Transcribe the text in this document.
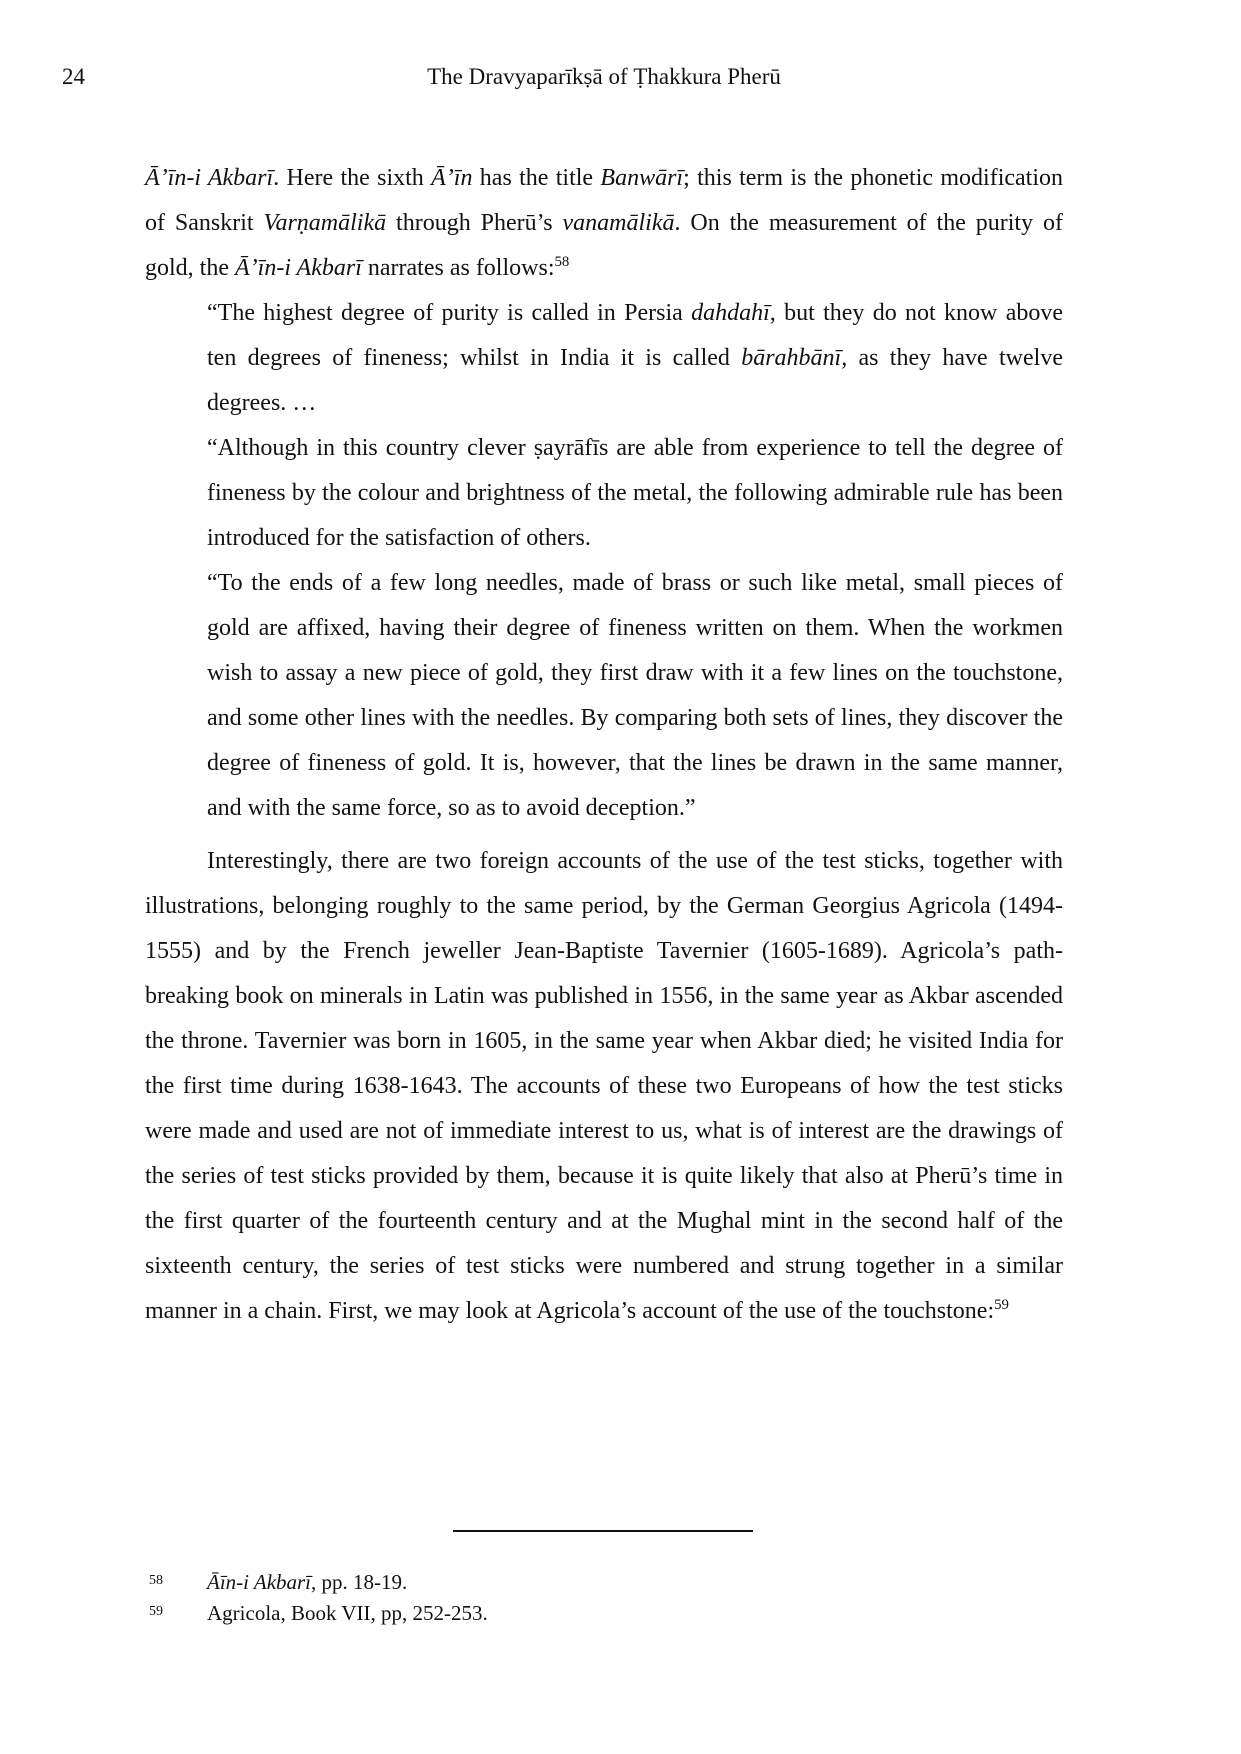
24	The Dravyaparīkṣā of Ṭhakkura Pherū

Ā’īn-i Akbarī. Here the sixth Ā’īn has the title Banwārī; this term is the phonetic modification of Sanskrit Varṇamālikā through Pherū’s vanamālikā. On the measurement of the purity of gold, the Ā’īn-i Akbarī narrates as follows:$^{58}$

“The highest degree of purity is called in Persia dahdahī, but they do not know above ten degrees of fineness; whilst in India it is called bārahbānī, as they have twelve degrees. …

“Although in this country clever ṣayrāfīs are able from experience to tell the degree of fineness by the colour and brightness of the metal, the following admirable rule has been introduced for the satisfaction of others.

“To the ends of a few long needles, made of brass or such like metal, small pieces of gold are affixed, having their degree of fineness written on them. When the workmen wish to assay a new piece of gold, they first draw with it a few lines on the touchstone, and some other lines with the needles. By comparing both sets of lines, they discover the degree of fineness of gold. It is, however, that the lines be drawn in the same manner, and with the same force, so as to avoid deception.”

Interestingly, there are two foreign accounts of the use of the test sticks, together with illustrations, belonging roughly to the same period, by the German Georgius Agricola (1494-1555) and by the French jeweller Jean-Baptiste Tavernier (1605-1689). Agricola’s path-breaking book on minerals in Latin was published in 1556, in the same year as Akbar ascended the throne. Tavernier was born in 1605, in the same year when Akbar died; he visited India for the first time during 1638-1643. The accounts of these two Europeans of how the test sticks were made and used are not of immediate interest to us, what is of interest are the drawings of the series of test sticks provided by them, because it is quite likely that also at Pherū’s time in the first quarter of the fourteenth century and at the Mughal mint in the second half of the sixteenth century, the series of test sticks were numbered and strung together in a similar manner in a chain. First, we may look at Agricola’s account of the use of the touchstone:$^{59}$

58 Āīn-i Akbarī, pp. 18-19.
59 Agricola, Book VII, pp, 252-253.
